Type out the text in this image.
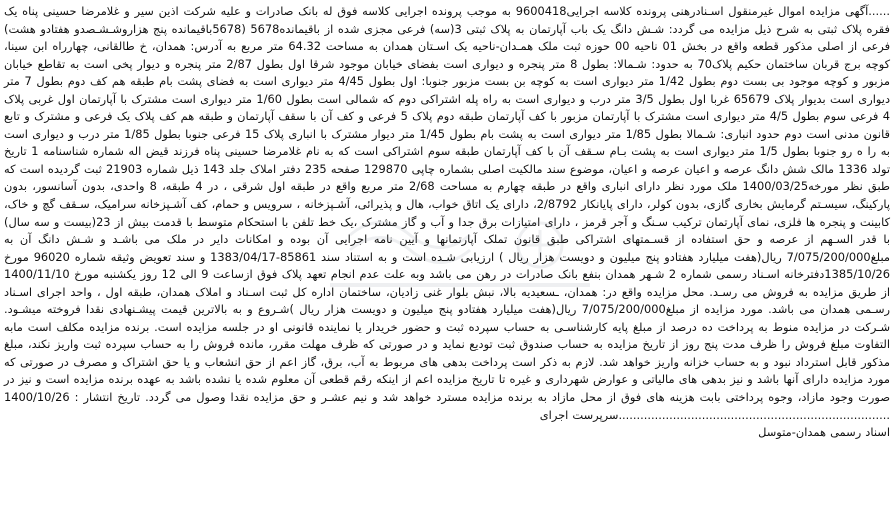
......آگهی مزایده اموال غیرمنقول اسـنادرهنی پرونده کلاسه اجرایی9600418 به موجب پرونده اجرایی کلاسه فوق له بانک صادرات و علیه شرکت اذین سیر و غلامرضا حسینی پناه یک فقره پلاک ثبتی به شرح ذیل مزایده می گردد: شـش دانگ یک باب آپارتمان به پلاک ثبتی 3(سه) فرعی مجزی شده از باقیمانده5678 (5678باقیمانده پنج هزاروشـشـصدو هفتادو هشت) فرعی از اصلی مذکور قطعه واقع در بخش 01 ناحیه 00 حوزه ثبت ملک همـدان-ناحیه یک اسـتان همدان به مساحت 64.32 متر مربع به آدرس: همدان، خ طالقانی، چهارراه ابن سینا، کوچه برج قربان ساختمان حکیم پلاک70 به حدود: شـمالا: بطول 8 متر پنجره و دیواری است بفضای خیابان موجود شرقا اول بطول 2/87 متر پنجره و دیوار پخی است به تقاطع خیابان مزبور و کوچه موجود بی بست دوم بطول 1/42 متر دیواری است به کوچه بن بست مزبور جنوبا: اول بطول 4/45 متر دیواری است به فضای پشت بام طبقه هم کف دوم بطول 7 متر دیواری است بدیوار پلاک 65679 غربا اول بطول 3/5 متر درب و دیواری است به راه پله اشتراکی دوم که شمالی است بطول 1/60 متر دیواری است مشترک با آپارتمان اول غربی پلاک 4 فرعی سوم بطول 4/5 متر دیواری است مشترک با آپارتمان مزبور با کف آپارتمان طبقه دوم پلاک 5 فرعی و کف آن با سقف آپارتمان و طبقه هم کف پلاک یک فرعی و مشترک و تابع قانون مدنی است دوم حدود انباری: شـمالا بطول 1/85 متر دیواری است به پشت بام بطول 1/45 متر دیوار مشترک با انباری پلاک 15 فرعی جنوبا بطول 1/85 متر درب و دیواری است به را ه رو جنوبا بطول 1/5 متر دیواری است به پشت بـام سـقف آن با کف آپارتمان طبقه سوم اشتراکی است که به نام غلامرضا حسینی پناه فرزند قیض اله شماره شناسنامه 1 تاریخ تولد 1336 مالک شش دانگ عرصه و اعیان عرصه و اعیان، موضوع سند مالکیت اصلی بشماره چاپی 129870 صفحه 235 دفتر املاک جلد 143 ذیل شماره 21903 ثبت گردیده است که طبق نظر مورخه1400/03/25 ملک مورد نظر دارای انباری واقع در طبقه چهارم به مساحت 2/68 متر مربع واقع در طبقه اول شرقی ، در 4 طبقه، 8 واحدی، بدون آسانسور، بدون پارکینگ، سیسـتم گرمایش بخاری گازی، بدون کولر، دارای پایانکار 2/8792، دارای یک اتاق خواب، هال و پذیرائی، آشـپزخانه ، سرویس و حمام، کف آشـپزخانه سرامیک، سـقف گچ و خاک، کابینت و پنجره ها فلزی، نمای آپارتمان ترکیب سـنگ و آجر قرمز ، دارای امتیازات برق جدا و آب و گاز مشترک ،یک خط تلفن با استحکام متوسط با قدمت بیش از 23(بیست و سه سال) با قدر السـهم از عرصه و حق استفاده از قسـمتهای اشتراکی طبق قانون تملک آپارتمانها و آیین نامه اجرایی آن بوده و امکانات دایر در ملک می باشـد و شـش دانگ آن به مبلغ7/075/200/000 ریال(هفت میلیارد هفتادو پنج میلیون و دویست هزار ریال ) ارزیابی شـده است و به استناد سند 85861-1383/04/17 و سند تعویض وثیقه شماره 96020 مورخ 1385/10/26دفترخانه اسـناد رسمی شماره 2 شـهر همدان بنفع بانک صادرات در رهن می باشد وبه علت عدم انجام تعهد پلاک فوق ازساعت 9 الی 12 روز یکشنبه مورخ 1400/11/10 از طریق مزایده به فروش می رسـد. محل مزایده واقع در: همدان، ـسعیدیه بالا، نبش بلوار غنی زادیان، ساختمان اداره کل ثبت اسـناد و املاک همدان، طبقه اول ، واحد اجرای اسـناد رسـمی همدان می باشد. مورد مزایده از مبلغ7/075/200/000 ریال(هفت میلیارد هفتادو پنج میلیون و دویست هزار ریال )شـروع و به بالاترین قیمت پیشـنهادی نقدا فروخته میشـود. شـرکت در مزایده منوط به پرداخت ده درصد از مبلغ پایه کارشناسـی به حساب سپرده ثبت و حضور خریدار یا نماینده قانونی او در جلسه مزایده است. برنده مزایده مکلف است مابه التفاوت مبلغ فروش را ظرف مدت پنج روز از تاریخ مزایده به حساب صندوق ثبت تودیع نماید و در صورتی که ظرف مهلت مقرر، مانده فروش را به حساب سپرده ثبت واریز نکند، مبلغ مذکور قابل استرداد نبود و به حساب خزانه واریز خواهد شد. لازم به ذکر است پرداخت بدهی های مربوط به آب، برق، گاز اعم از حق انشعاب و یا حق اشتراک و مصرف در صورتی که مورد مزایده دارای آنها باشد و نیز بدهی های مالیاتی و عوارض شهرداری و غیره تا تاریخ مزایده اعم از اینکه رقم قطعی آن معلوم شده یا نشده باشد به عهده برنده مزایده است و نیز در صورت وجود مازاد، وجوه پرداختی بابت هزینه های فوق از محل مازاد به برنده مزایده مسترد خواهد شد و نیم عشـر و حق مزایده نقدا وصول می گردد. تاریخ انتشار : 1400/10/26 ...........................................................................سرپرست اجرای

اسناد رسمی همدان-متوسل
